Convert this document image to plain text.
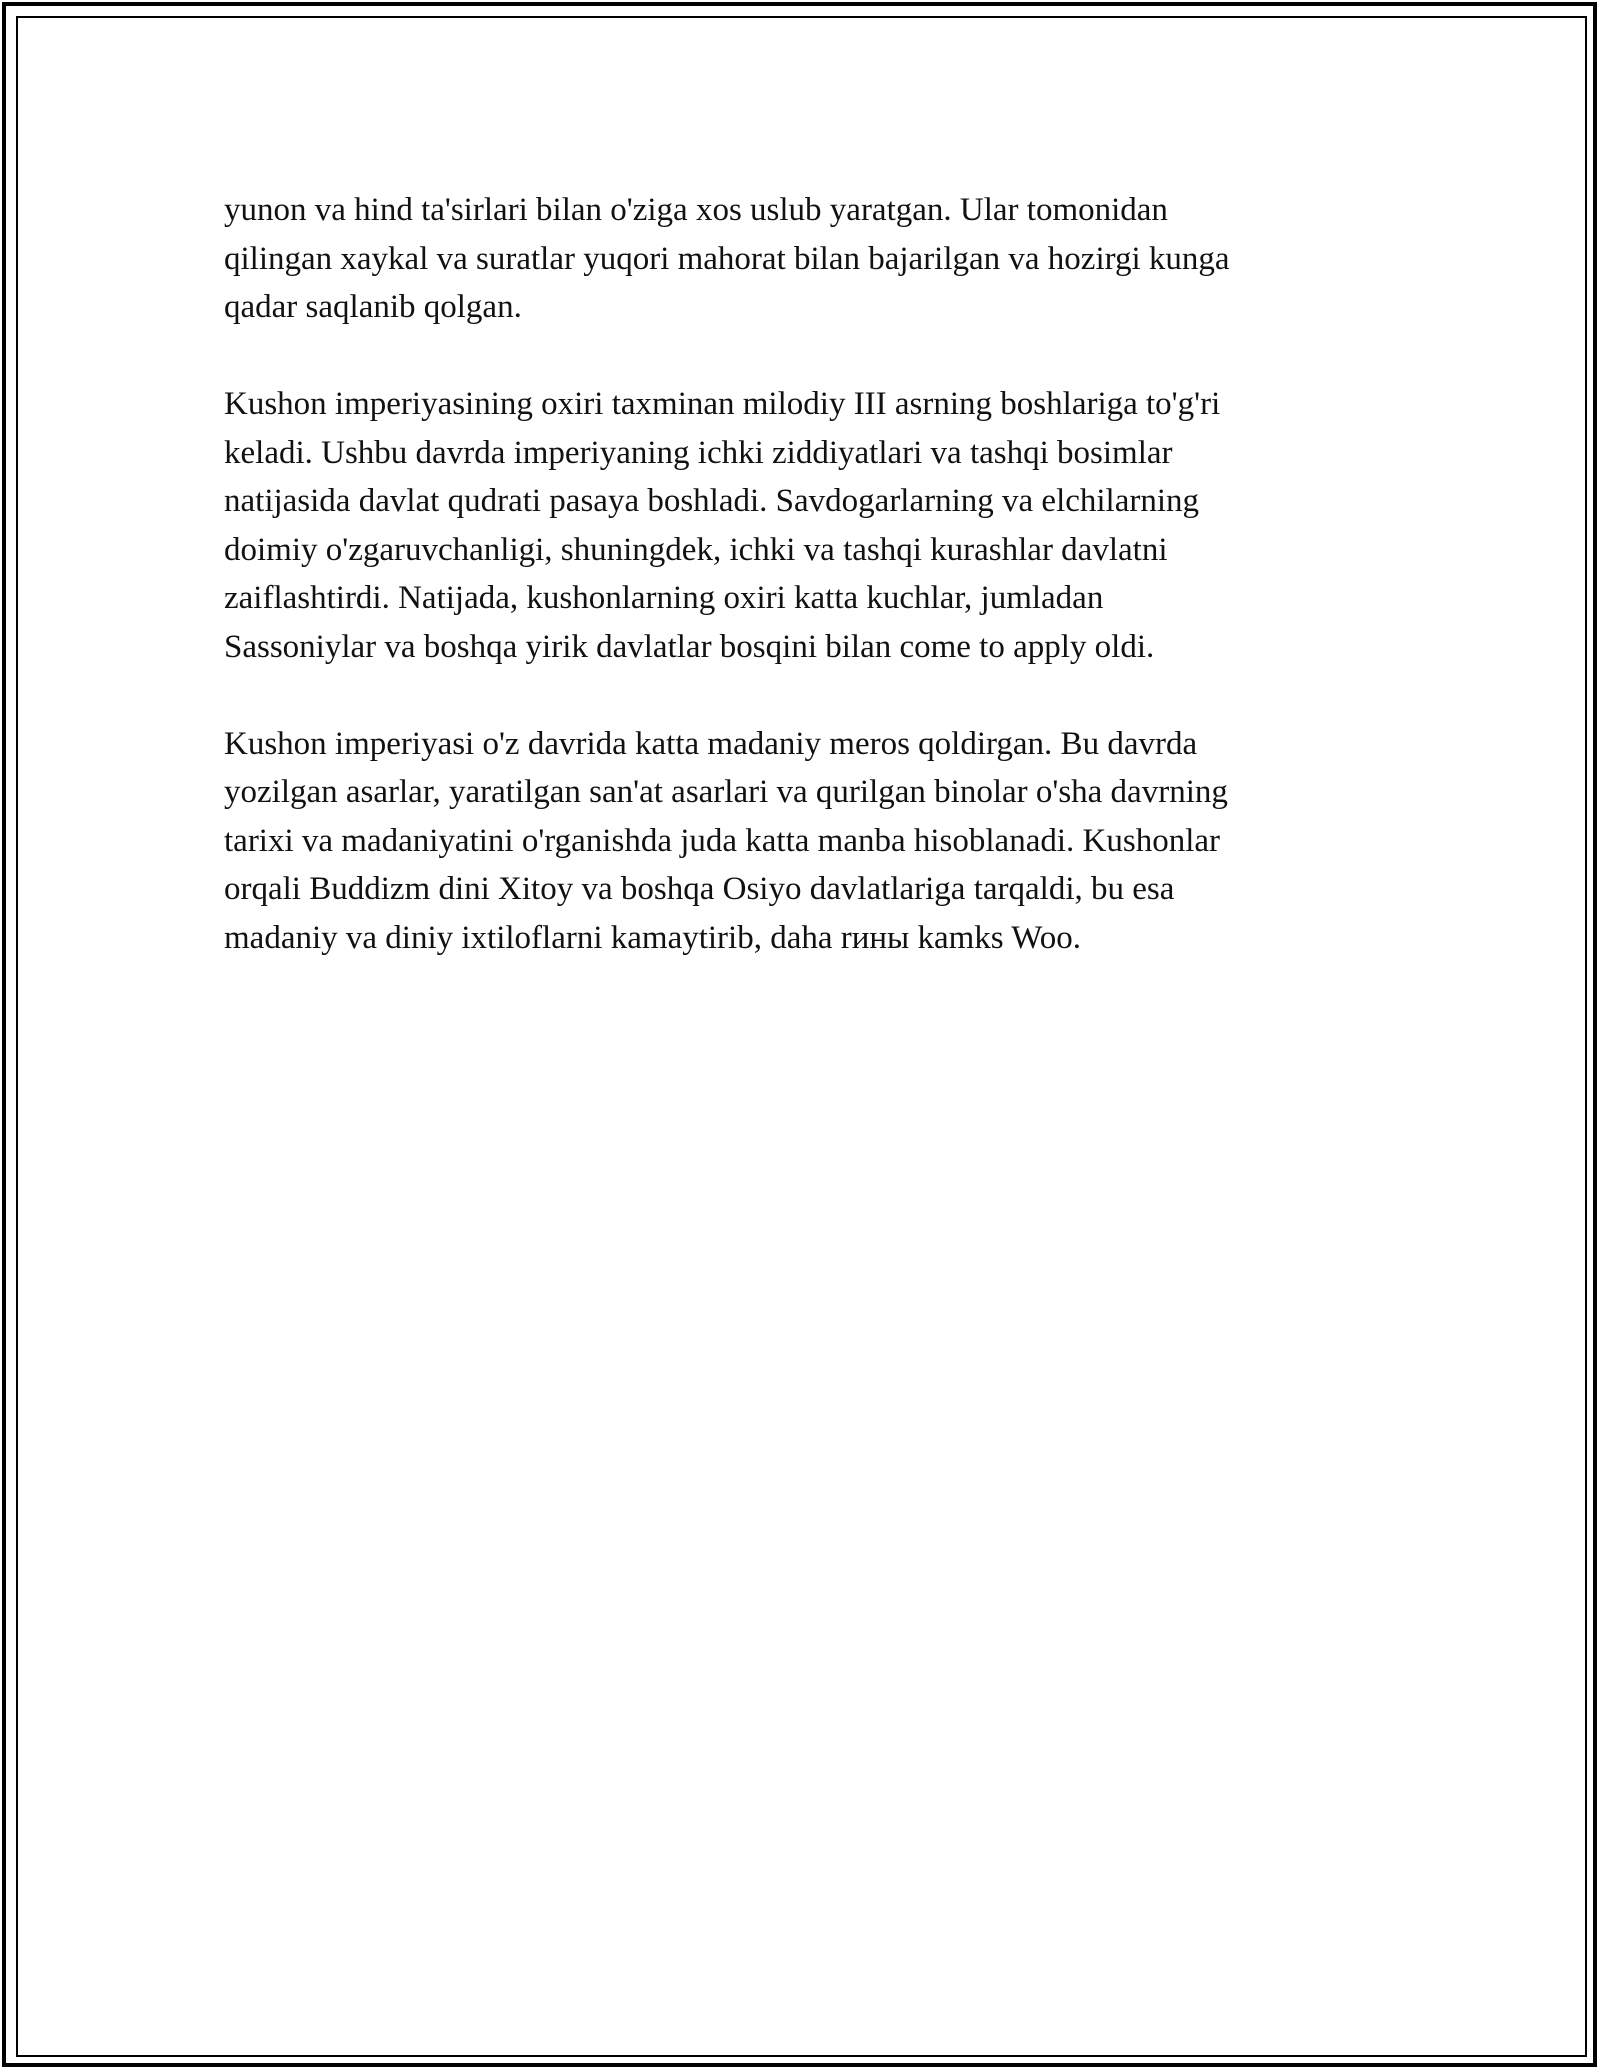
yunon va hind ta'sirlari bilan o'ziga xos uslub yaratgan. Ular tomonidan
qilingan xaykal va suratlar yuqori mahorat bilan bajarilgan va hozirgi kunga
qadar saqlanib qolgan.

Kushon imperiyasining oxiri taxminan milodiy III asrning boshlariga to'g'ri
keladi. Ushbu davrda imperiyaning ichki ziddiyatlari va tashqi bosimlar
natijasida davlat qudrati pasaya boshladi. Savdogarlarning va elchilarning
doimiy o'zgaruvchanligi, shuningdek, ichki va tashqi kurashlar davlatni
zaiflashtirdi. Natijada, kushonlarning oxiri katta kuchlar, jumladan
Sassoniylar va boshqa yirik davlatlar bosqini bilan come to apply oldi.

Kushon imperiyasi o'z davrida katta madaniy meros qoldirgan. Bu davrda
yozilgan asarlar, yaratilgan san'at asarlari va qurilgan binolar o'sha davrning
tarixi va madaniyatini o'rganishda juda katta manba hisoblanadi. Kushonlar
orqali Buddizm dini Xitoy va boshqa Osiyo davlatlariga tarqaldi, bu esa
madaniy va diniy ixtiloflarni kamaytirib, daha rины kamks Woo.
